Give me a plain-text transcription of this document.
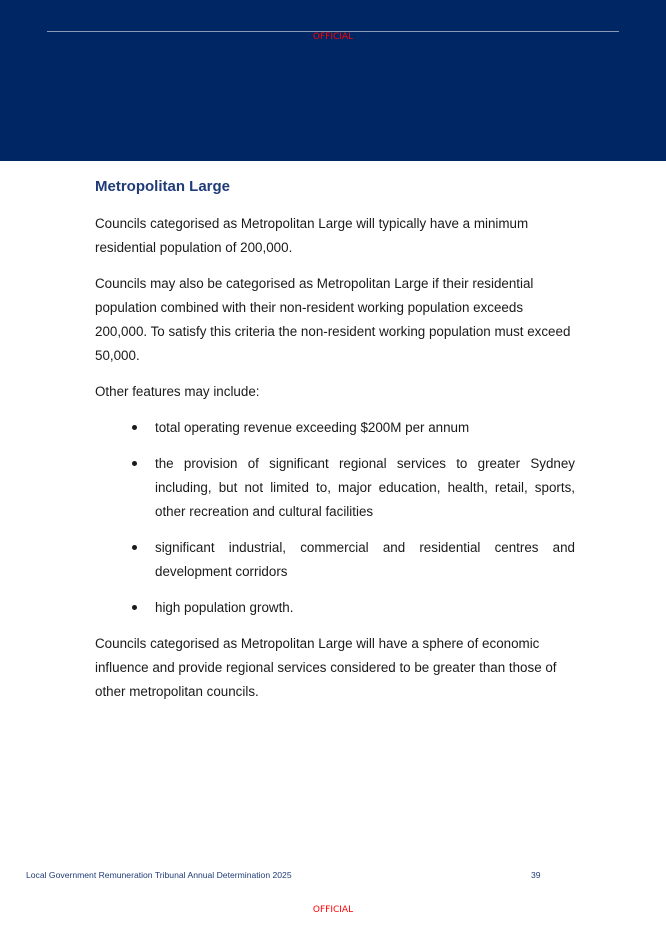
OFFICIAL
Metropolitan Large

Councils categorised as Metropolitan Large will typically have a minimum residential population of 200,000.

Councils may also be categorised as Metropolitan Large if their residential population combined with their non-resident working population exceeds 200,000. To satisfy this criteria the non-resident working population must exceed 50,000.

Other features may include:

total operating revenue exceeding $200M per annum
the provision of significant regional services to greater Sydney including, but not limited to, major education, health, retail, sports, other recreation and cultural facilities
significant industrial, commercial and residential centres and development corridors
high population growth.

Councils categorised as Metropolitan Large will have a sphere of economic influence and provide regional services considered to be greater than those of other metropolitan councils.

Local Government Remuneration Tribunal Annual Determination 2025	39
OFFICIAL
